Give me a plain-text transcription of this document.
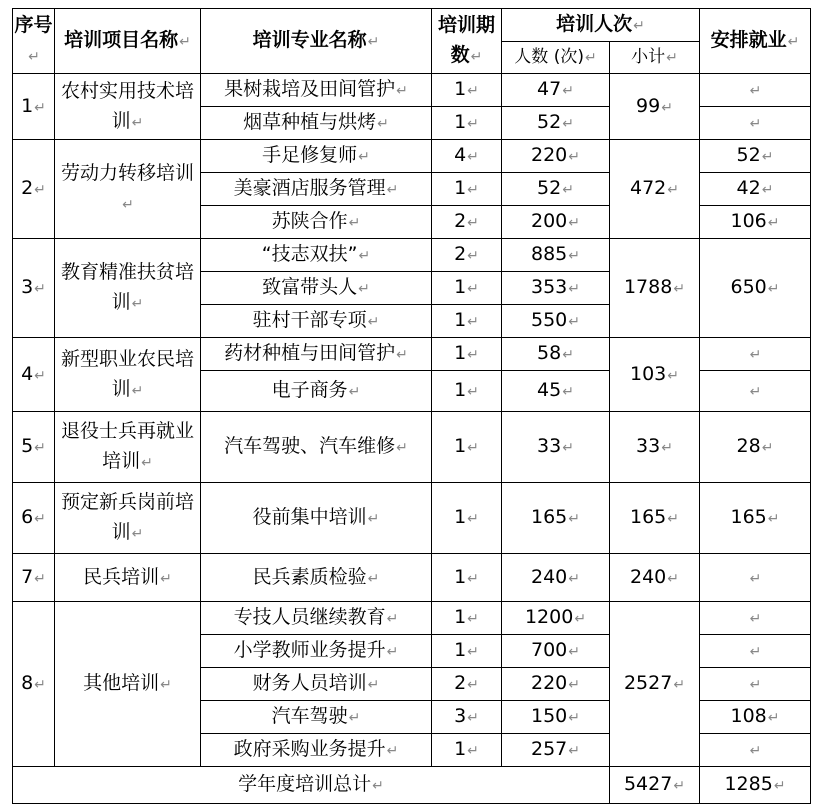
序号↵	培训项目名称↵	培训专业名称↵	培训期数↵	培训人次↵		安排就业↵
				人数 (次)↵	小计↵	
1↵	农村实用技术培训↵	果树栽培及田间管护↵	1↵	47↵	99↵	↵
		烟草种植与烘烤↵	1↵	52↵		↵
2↵	劳动力转移培训↵	手足修复师↵	4↵	220↵	472↵	52↵
		美豪酒店服务管理↵	1↵	52↵		42↵
		苏陕合作↵	2↵	200↵		106↵
3↵	教育精准扶贫培训↵	“技志双扶”↵	2↵	885↵	1788↵	650↵
		致富带头人↵	1↵	353↵		
		驻村干部专项↵	1↵	550↵		
4↵	新型职业农民培训↵	药材种植与田间管护↵	1↵	58↵	103↵	↵
		电子商务↵	1↵	45↵		↵
5↵	退役士兵再就业培训↵	汽车驾驶、汽车维修↵	1↵	33↵	33↵	28↵
6↵	预定新兵岗前培训↵	役前集中培训↵	1↵	165↵	165↵	165↵
7↵	民兵培训↵	民兵素质检验↵	1↵	240↵	240↵	↵
8↵	其他培训↵	专技人员继续教育↵	1↵	1200↵	2527↵	↵
		小学教师业务提升↵	1↵	700↵		↵
		财务人员培训↵	2↵	220↵		↵
		汽车驾驶↵	3↵	150↵		108↵
		政府采购业务提升↵	1↵	257↵		↵
学年度培训总计↵					5427↵	1285↵
